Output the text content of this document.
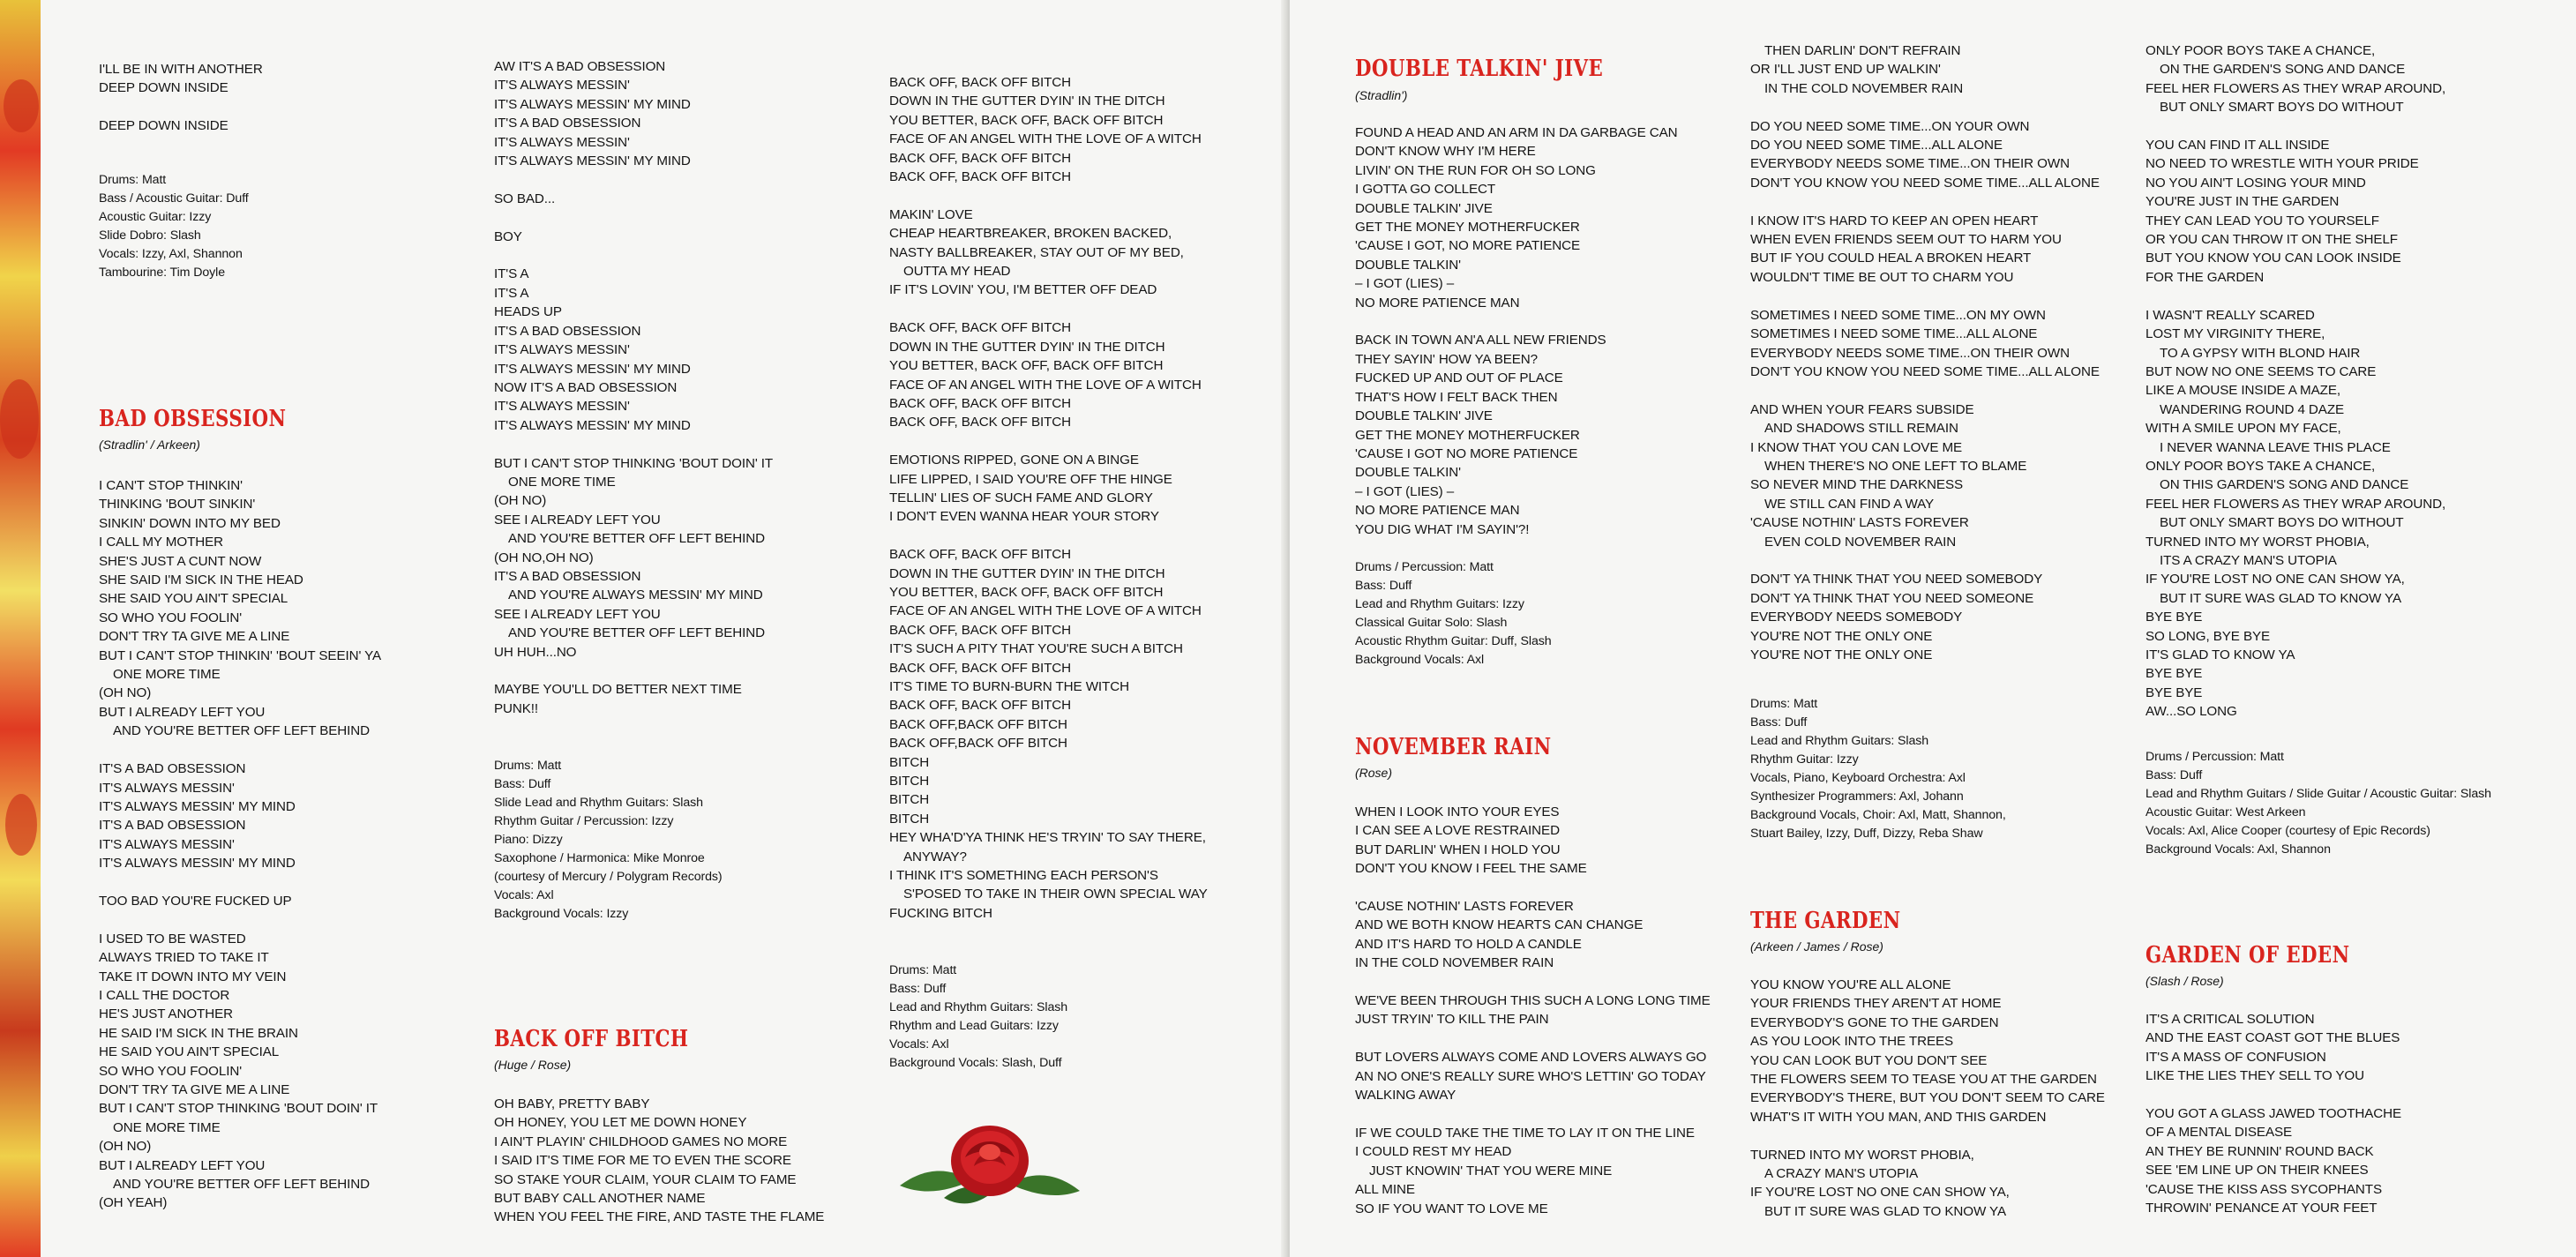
I'LL BE IN WITH ANOTHER
DEEP DOWN INSIDE

DEEP DOWN INSIDE
Drums: Matt
Bass / Acoustic Guitar: Duff
Acoustic Guitar: Izzy
Slide Dobro: Slash
Vocals: Izzy, Axl, Shannon
Tambourine: Tim Doyle
BAD OBSESSION
(Stradlin' / Arkeen)
I CAN'T STOP THINKIN'
THINKING 'BOUT SINKIN'
SINKIN' DOWN INTO MY BED
I CALL MY MOTHER
SHE'S JUST A CUNT NOW
SHE SAID I'M SICK IN THE HEAD
SHE SAID YOU AIN'T SPECIAL
SO WHO YOU FOOLIN'
DON'T TRY TA GIVE ME A LINE
BUT I CAN'T STOP THINKIN' 'BOUT SEEIN' YA
ONE MORE TIME
(OH NO)
BUT I ALREADY LEFT YOU
AND YOU'RE BETTER OFF LEFT BEHIND

IT'S A BAD OBSESSION
IT'S ALWAYS MESSIN'
IT'S ALWAYS MESSIN' MY MIND
IT'S A BAD OBSESSION
IT'S ALWAYS MESSIN'
IT'S ALWAYS MESSIN' MY MIND

TOO BAD YOU'RE FUCKED UP

I USED TO BE WASTED
ALWAYS TRIED TO TAKE IT
TAKE IT DOWN INTO MY VEIN
I CALL THE DOCTOR
HE'S JUST ANOTHER
HE SAID I'M SICK IN THE BRAIN
HE SAID YOU AIN'T SPECIAL
SO WHO YOU FOOLIN'
DON'T TRY TA GIVE ME A LINE
BUT I CAN'T STOP THINKING 'BOUT DOIN' IT
ONE MORE TIME
(OH NO)
BUT I ALREADY LEFT YOU
AND YOU'RE BETTER OFF LEFT BEHIND
(OH YEAH)
AW IT'S A BAD OBSESSION
IT'S ALWAYS MESSIN'
IT'S ALWAYS MESSIN' MY MIND
IT'S A BAD OBSESSION
IT'S ALWAYS MESSIN'
IT'S ALWAYS MESSIN' MY MIND

SO BAD...

BOY

IT'S A
IT'S A
HEADS UP
IT'S A BAD OBSESSION
IT'S ALWAYS MESSIN'
IT'S ALWAYS MESSIN' MY MIND
NOW IT'S A BAD OBSESSION
IT'S ALWAYS MESSIN'
IT'S ALWAYS MESSIN' MY MIND

BUT I CAN'T STOP THINKING 'BOUT DOIN' IT
ONE MORE TIME
(OH NO)
SEE I ALREADY LEFT YOU
AND YOU'RE BETTER OFF LEFT BEHIND
(OH NO,OH NO)
IT'S A BAD OBSESSION
AND YOU'RE ALWAYS MESSIN' MY MIND
SEE I ALREADY LEFT YOU
AND YOU'RE BETTER OFF LEFT BEHIND
UH HUH...NO

MAYBE YOU'LL DO BETTER NEXT TIME
PUNK!!
Drums: Matt
Bass: Duff
Slide Lead and Rhythm Guitars: Slash
Rhythm Guitar / Percussion: Izzy
Piano: Dizzy
Saxophone / Harmonica: Mike Monroe
(courtesy of Mercury / Polygram Records)
Vocals: Axl
Background Vocals: Izzy
BACK OFF BITCH
(Huge / Rose)
OH BABY, PRETTY BABY
OH HONEY, YOU LET ME DOWN HONEY
I AIN'T PLAYIN' CHILDHOOD GAMES NO MORE
I SAID IT'S TIME FOR ME TO EVEN THE SCORE
SO STAKE YOUR CLAIM, YOUR CLAIM TO FAME
BUT BABY CALL ANOTHER NAME
WHEN YOU FEEL THE FIRE, AND TASTE THE FLAME
BACK OFF, BACK OFF BITCH
DOWN IN THE GUTTER DYIN' IN THE DITCH
YOU BETTER, BACK OFF, BACK OFF BITCH
FACE OF AN ANGEL WITH THE LOVE OF A WITCH
BACK OFF, BACK OFF BITCH
BACK OFF, BACK OFF BITCH

MAKIN' LOVE
CHEAP HEARTBREAKER, BROKEN BACKED,
NASTY BALLBREAKER, STAY OUT OF MY BED,
OUTTA MY HEAD
IF IT'S LOVIN' YOU, I'M BETTER OFF DEAD

BACK OFF, BACK OFF BITCH
DOWN IN THE GUTTER DYIN' IN THE DITCH
YOU BETTER, BACK OFF, BACK OFF BITCH
FACE OF AN ANGEL WITH THE LOVE OF A WITCH
BACK OFF, BACK OFF BITCH
BACK OFF, BACK OFF BITCH

EMOTIONS RIPPED, GONE ON A BINGE
LIFE LIPPED, I SAID YOU'RE OFF THE HINGE
TELLIN' LIES OF SUCH FAME AND GLORY
I DON'T EVEN WANNA HEAR YOUR STORY

BACK OFF, BACK OFF BITCH
DOWN IN THE GUTTER DYIN' IN THE DITCH
YOU BETTER, BACK OFF, BACK OFF BITCH
FACE OF AN ANGEL WITH THE LOVE OF A WITCH
BACK OFF, BACK OFF BITCH
IT'S SUCH A PITY THAT YOU'RE SUCH A BITCH
BACK OFF, BACK OFF BITCH
IT'S TIME TO BURN-BURN THE WITCH
BACK OFF, BACK OFF BITCH
BACK OFF,BACK OFF BITCH
BACK OFF,BACK OFF BITCH
BITCH
BITCH
BITCH
BITCH
HEY WHA'D'YA THINK HE'S TRYIN' TO SAY THERE,
ANYWAY?
I THINK IT'S SOMETHING EACH PERSON'S
S'POSED TO TAKE IN THEIR OWN SPECIAL WAY
FUCKING BITCH
Drums: Matt
Bass: Duff
Lead and Rhythm Guitars: Slash
Rhythm and Lead Guitars: Izzy
Vocals: Axl
Background Vocals: Slash, Duff
DOUBLE TALKIN' JIVE
(Stradlin')
FOUND A HEAD AND AN ARM IN DA GARBAGE CAN
DON'T KNOW WHY I'M HERE
LIVIN' ON THE RUN FOR OH SO LONG
I GOTTA GO COLLECT
DOUBLE TALKIN' JIVE
GET THE MONEY MOTHERFUCKER
'CAUSE I GOT, NO MORE PATIENCE
DOUBLE TALKIN'
– I GOT (LIES) –
NO MORE PATIENCE MAN

BACK IN TOWN AN'A ALL NEW FRIENDS
THEY SAYIN' HOW YA BEEN?
FUCKED UP AND OUT OF PLACE
THAT'S HOW I FELT BACK THEN
DOUBLE TALKIN' JIVE
GET THE MONEY MOTHERFUCKER
'CAUSE I GOT NO MORE PATIENCE
DOUBLE TALKIN'
– I GOT (LIES) –
NO MORE PATIENCE MAN
YOU DIG WHAT I'M SAYIN'?!
Drums / Percussion: Matt
Bass: Duff
Lead and Rhythm Guitars: Izzy
Classical Guitar Solo: Slash
Acoustic Rhythm Guitar: Duff, Slash
Background Vocals: Axl
NOVEMBER RAIN
(Rose)
WHEN I LOOK INTO YOUR EYES
I CAN SEE A LOVE RESTRAINED
BUT DARLIN' WHEN I HOLD YOU
DON'T YOU KNOW I FEEL THE SAME

'CAUSE NOTHIN' LASTS FOREVER
AND WE BOTH KNOW HEARTS CAN CHANGE
AND IT'S HARD TO HOLD A CANDLE
IN THE COLD NOVEMBER RAIN

WE'VE BEEN THROUGH THIS SUCH A LONG LONG TIME
JUST TRYIN' TO KILL THE PAIN

BUT LOVERS ALWAYS COME AND LOVERS ALWAYS GO
AN NO ONE'S REALLY SURE WHO'S LETTIN' GO TODAY
WALKING AWAY

IF WE COULD TAKE THE TIME TO LAY IT ON THE LINE
I COULD REST MY HEAD
JUST KNOWIN' THAT YOU WERE MINE
ALL MINE
SO IF YOU WANT TO LOVE ME
THEN DARLIN' DON'T REFRAIN
OR I'LL JUST END UP WALKIN'
IN THE COLD NOVEMBER RAIN

DO YOU NEED SOME TIME...ON YOUR OWN
DO YOU NEED SOME TIME...ALL ALONE
EVERYBODY NEEDS SOME TIME...ON THEIR OWN
DON'T YOU KNOW YOU NEED SOME TIME...ALL ALONE

I KNOW IT'S HARD TO KEEP AN OPEN HEART
WHEN EVEN FRIENDS SEEM OUT TO HARM YOU
BUT IF YOU COULD HEAL A BROKEN HEART
WOULDN'T TIME BE OUT TO CHARM YOU

SOMETIMES I NEED SOME TIME...ON MY OWN
SOMETIMES I NEED SOME TIME...ALL ALONE
EVERYBODY NEEDS SOME TIME...ON THEIR OWN
DON'T YOU KNOW YOU NEED SOME TIME...ALL ALONE

AND WHEN YOUR FEARS SUBSIDE
AND SHADOWS STILL REMAIN
I KNOW THAT YOU CAN LOVE ME
WHEN THERE'S NO ONE LEFT TO BLAME
SO NEVER MIND THE DARKNESS
WE STILL CAN FIND A WAY
'CAUSE NOTHIN' LASTS FOREVER
EVEN COLD NOVEMBER RAIN

DON'T YA THINK THAT YOU NEED SOMEBODY
DON'T YA THINK THAT YOU NEED SOMEONE
EVERYBODY NEEDS SOMEBODY
YOU'RE NOT THE ONLY ONE
YOU'RE NOT THE ONLY ONE
Drums: Matt
Bass: Duff
Lead and Rhythm Guitars: Slash
Rhythm Guitar: Izzy
Vocals, Piano, Keyboard Orchestra: Axl
Synthesizer Programmers: Axl, Johann
Background Vocals, Choir: Axl, Matt, Shannon,
Stuart Bailey, Izzy, Duff, Dizzy, Reba Shaw
THE GARDEN
(Arkeen / James / Rose)
YOU KNOW YOU'RE ALL ALONE
YOUR FRIENDS THEY AREN'T AT HOME
EVERYBODY'S GONE TO THE GARDEN
AS YOU LOOK INTO THE TREES
YOU CAN LOOK BUT YOU DON'T SEE
THE FLOWERS SEEM TO TEASE YOU AT THE GARDEN
EVERYBODY'S THERE, BUT YOU DON'T SEEM TO CARE
WHAT'S IT WITH YOU MAN, AND THIS GARDEN

TURNED INTO MY WORST PHOBIA,
A CRAZY MAN'S UTOPIA
IF YOU'RE LOST NO ONE CAN SHOW YA,
BUT IT SURE WAS GLAD TO KNOW YA
ONLY POOR BOYS TAKE A CHANCE,
ON THE GARDEN'S SONG AND DANCE
FEEL HER FLOWERS AS THEY WRAP AROUND,
BUT ONLY SMART BOYS DO WITHOUT

YOU CAN FIND IT ALL INSIDE
NO NEED TO WRESTLE WITH YOUR PRIDE
NO YOU AIN'T LOSING YOUR MIND
YOU'RE JUST IN THE GARDEN
THEY CAN LEAD YOU TO YOURSELF
OR YOU CAN THROW IT ON THE SHELF
BUT YOU KNOW YOU CAN LOOK INSIDE
FOR THE GARDEN

I WASN'T REALLY SCARED
LOST MY VIRGINITY THERE,
TO A GYPSY WITH BLOND HAIR
BUT NOW NO ONE SEEMS TO CARE
LIKE A MOUSE INSIDE A MAZE,
WANDERING ROUND 4 DAZE
WITH A SMILE UPON MY FACE,
I NEVER WANNA LEAVE THIS PLACE
ONLY POOR BOYS TAKE A CHANCE,
ON THIS GARDEN'S SONG AND DANCE
FEEL HER FLOWERS AS THEY WRAP AROUND,
BUT ONLY SMART BOYS DO WITHOUT
TURNED INTO MY WORST PHOBIA,
ITS A CRAZY MAN'S UTOPIA
IF YOU'RE LOST NO ONE CAN SHOW YA,
BUT IT SURE WAS GLAD TO KNOW YA
BYE BYE
SO LONG, BYE BYE
IT'S GLAD TO KNOW YA
BYE BYE
BYE BYE
AW...SO LONG
Drums / Percussion: Matt
Bass: Duff
Lead and Rhythm Guitars / Slide Guitar / Acoustic Guitar: Slash
Acoustic Guitar: West Arkeen
Vocals: Axl, Alice Cooper (courtesy of Epic Records)
Background Vocals: Axl, Shannon
GARDEN OF EDEN
(Slash / Rose)
IT'S A CRITICAL SOLUTION
AND THE EAST COAST GOT THE BLUES
IT'S A MASS OF CONFUSION
LIKE THE LIES THEY SELL TO YOU

YOU GOT A GLASS JAWED TOOTHACHE
OF A MENTAL DISEASE
AN THEY BE RUNNIN' ROUND BACK
SEE 'EM LINE UP ON THEIR KNEES
'CAUSE THE KISS ASS SYCOPHANTS
THROWIN' PENANCE AT YOUR FEET
